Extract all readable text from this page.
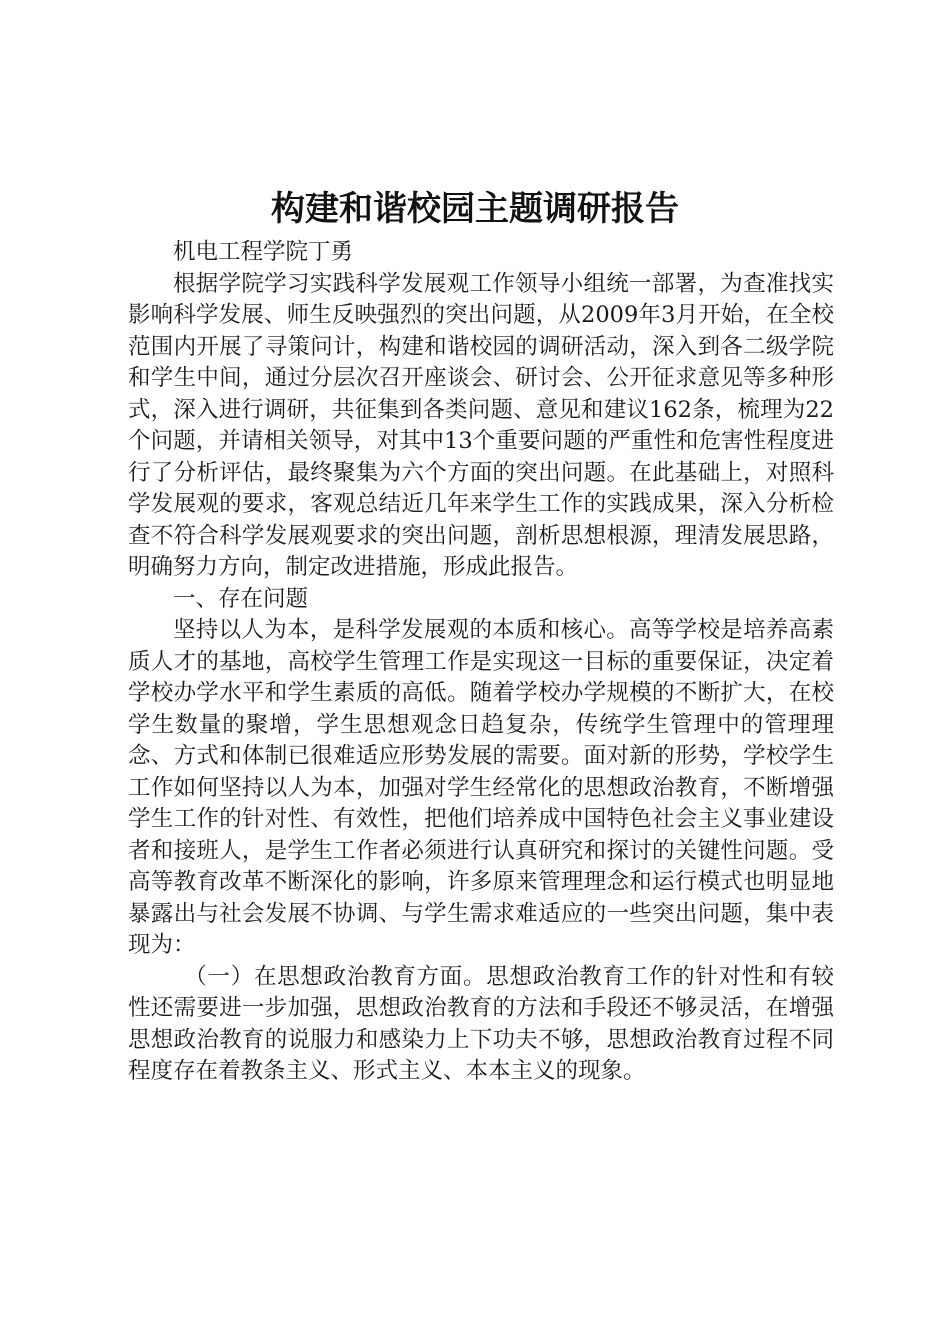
构建和谐校园主题调研报告

机电工程学院丁勇

根据学院学习实践科学发展观工作领导小组统一部署，为查准找实影响科学发展、师生反映强烈的突出问题，从2009年3月开始，在全校范围内开展了寻策问计，构建和谐校园的调研活动，深入到各二级学院和学生中间，通过分层次召开座谈会、研讨会、公开征求意见等多种形式，深入进行调研，共征集到各类问题、意见和建议162条，梳理为22个问题，并请相关领导，对其中13个重要问题的严重性和危害性程度进行了分析评估，最终聚集为六个方面的突出问题。在此基础上，对照科学发展观的要求，客观总结近几年来学生工作的实践成果，深入分析检查不符合科学发展观要求的突出问题，剖析思想根源，理清发展思路，明确努力方向，制定改进措施，形成此报告。

一、存在问题

坚持以人为本，是科学发展观的本质和核心。高等学校是培养高素质人才的基地，高校学生管理工作是实现这一目标的重要保证，决定着学校办学水平和学生素质的高低。随着学校办学规模的不断扩大，在校学生数量的聚增，学生思想观念日趋复杂，传统学生管理中的管理理念、方式和体制已很难适应形势发展的需要。面对新的形势，学校学生工作如何坚持以人为本，加强对学生经常化的思想政治教育，不断增强学生工作的针对性、有效性，把他们培养成中国特色社会主义事业建设者和接班人，是学生工作者必须进行认真研究和探讨的关键性问题。受高等教育改革不断深化的影响，许多原来管理理念和运行模式也明显地暴露出与社会发展不协调、与学生需求难适应的一些突出问题，集中表现为：

（一）在思想政治教育方面。思想政治教育工作的针对性和有较性还需要进一步加强，思想政治教育的方法和手段还不够灵活，在增强思想政治教育的说服力和感染力上下功夫不够，思想政治教育过程不同程度存在着教条主义、形式主义、本本主义的现象。
